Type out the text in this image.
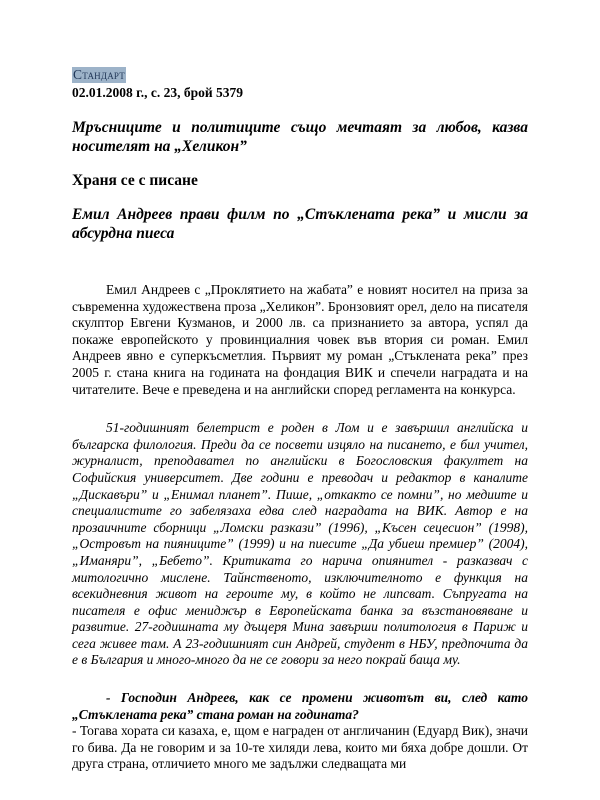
Стандарт
02.01.2008 г., с. 23, брой 5379
Мръсниците и политиците също мечтаят за любов, казва носителят на „Хеликон”
Храня се с писане
Емил Андреев прави филм по „Стъклената река” и мисли за абсурдна пиеса
Емил Андреев с „Проклятието на жабата” е новият носител на приза за съвременна художествена проза „Хеликон”. Бронзовият орел, дело на писателя скулптор Евгени Кузманов, и 2000 лв. са признанието за автора, успял да покаже европейското у провинциалния човек във втория си роман. Емил Андреев явно е суперкъсметлия. Първият му роман „Стъклената река” през 2005 г. стана книга на годината на фондация ВИК и спечели наградата и на читателите. Вече е преведена и на английски според регламента на конкурса.
51-годишният белетрист е роден в Лом и е завършил английска и българска филология. Преди да се посвети изцяло на писането, е бил учител, журналист, преподавател по английски в Богословския факултет на Софийския университет. Две години е преводач и редактор в каналите „Дискавъри” и „Енимал планет”. Пише, „откакто се помни”, но медиите и специалистите го забелязаха едва след наградата на ВИК. Автор е на прозаичните сборници „Ломски разкази” (1996), „Късен сецесион” (1998), „Островът на пияниците” (1999) и на пиесите „Да убиеш премиер” (2004), „Иманяри”, „Бебето”. Критиката го нарича опиянител - разказвач с митологично мислене. Тайнственото, изключителното е функция на всекидневния живот на героите му, в който не липсват. Съпругата на писателя е офис мениджър в Европейската банка за възстановяване и развитие. 27-годишната му дъщеря Мина завърши политология в Париж и сега живее там. А 23-годишният син Андрей, студент в НБУ, предпочита да е в България и много-много да не се говори за него покрай баща му.
- Господин Андреев, как се промени животът ви, след като „Стъклената река” стана роман на годината?
- Тогава хората си казаха, е, щом е награден от англичанин (Едуард Вик), значи го бива. Да не говорим и за 10-те хиляди лева, които ми бяха добре дошли. От друга страна, отличието много ме задължи следващата ми
